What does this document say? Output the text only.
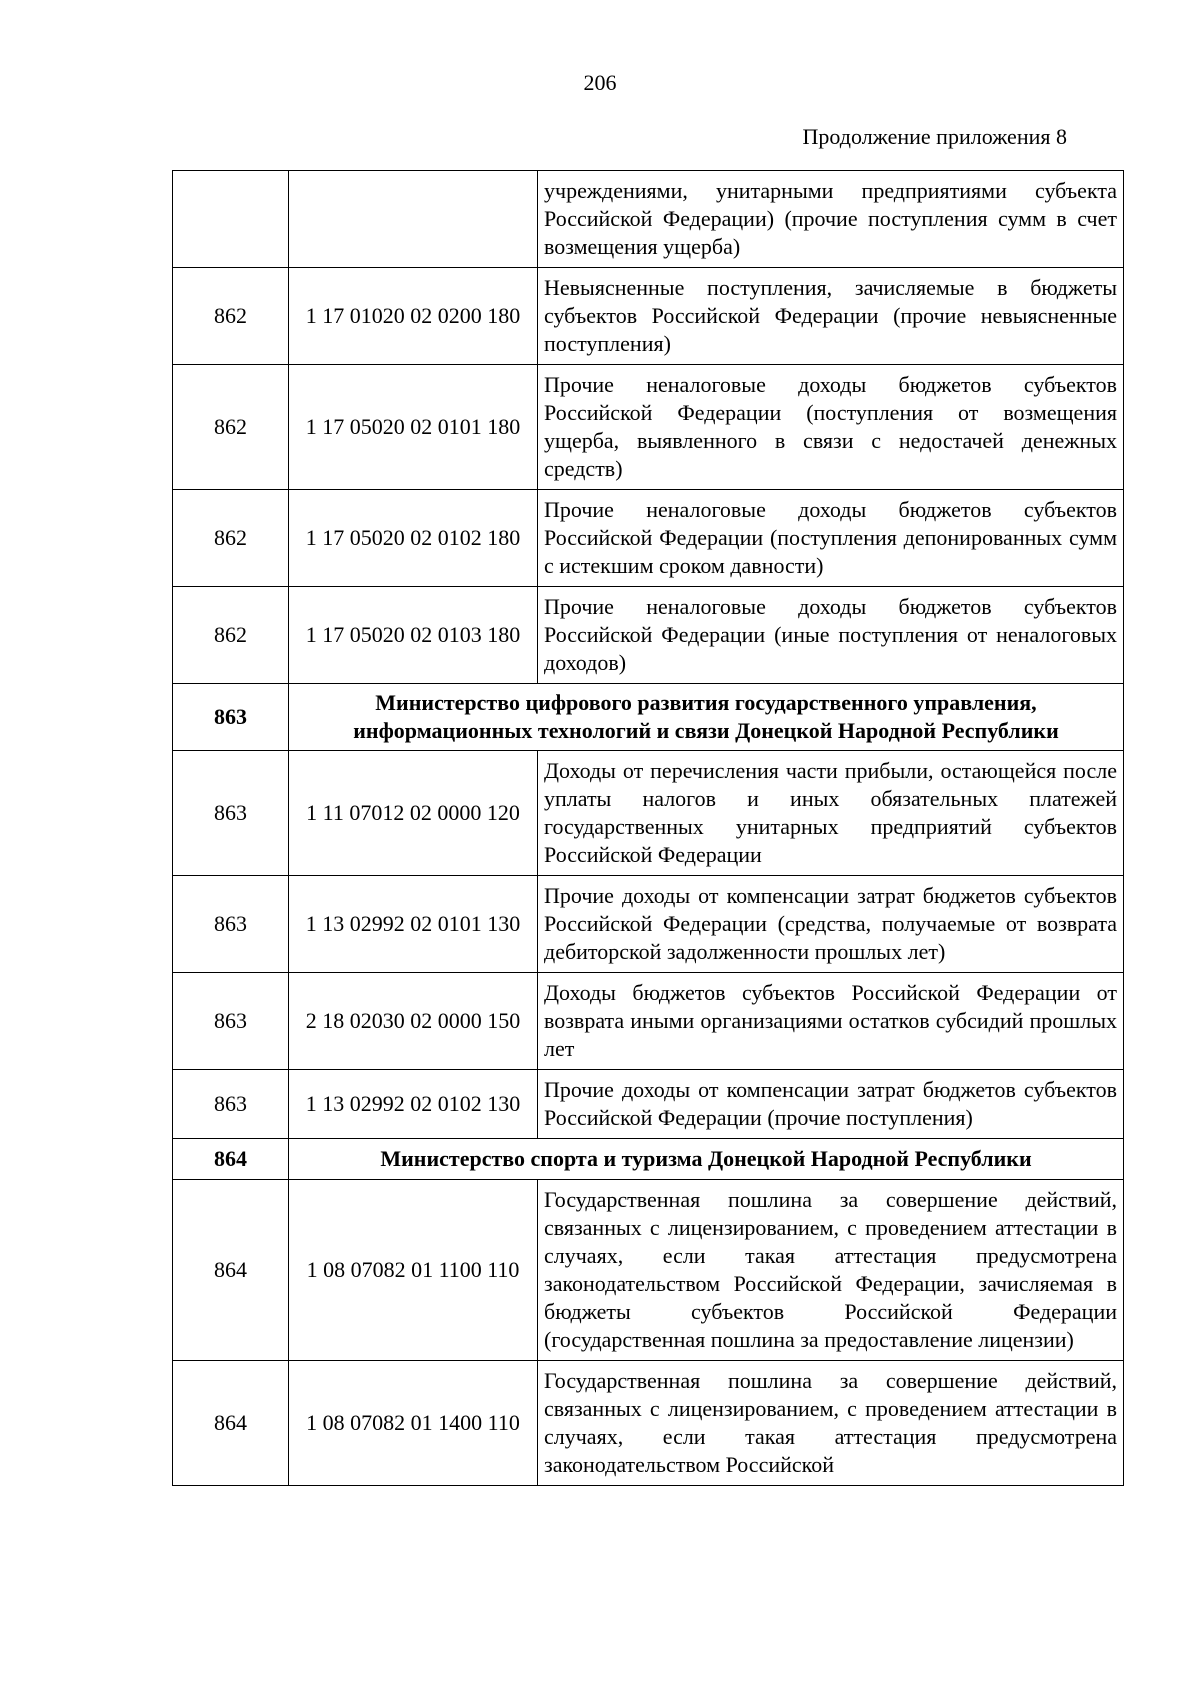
206
Продолжение приложения 8
		учреждениями, унитарными предприятиями субъекта Российской Федерации) (прочие поступления сумм в счет возмещения ущерба)
862	1 17 01020 02 0200 180	Невыясненные поступления, зачисляемые в бюджеты субъектов Российской Федерации (прочие невыясненные поступления)
862	1 17 05020 02 0101 180	Прочие неналоговые доходы бюджетов субъектов Российской Федерации (поступления от возмещения ущерба, выявленного в связи с недостачей денежных средств)
862	1 17 05020 02 0102 180	Прочие неналоговые доходы бюджетов субъектов Российской Федерации (поступления депонированных сумм с истекшим сроком давности)
862	1 17 05020 02 0103 180	Прочие неналоговые доходы бюджетов субъектов Российской Федерации (иные поступления от неналоговых доходов)
863	Министерство цифрового развития государственного управления, информационных технологий и связи Донецкой Народной Республики	
863	1 11 07012 02 0000 120	Доходы от перечисления части прибыли, остающейся после уплаты налогов и иных обязательных платежей государственных унитарных предприятий субъектов Российской Федерации
863	1 13 02992 02 0101 130	Прочие доходы от компенсации затрат бюджетов субъектов Российской Федерации (средства, получаемые от возврата дебиторской задолженности прошлых лет)
863	2 18 02030 02 0000 150	Доходы бюджетов субъектов Российской Федерации от возврата иными организациями остатков субсидий прошлых лет
863	1 13 02992 02 0102 130	Прочие доходы от компенсации затрат бюджетов субъектов Российской Федерации (прочие поступления)
864	Министерство спорта и туризма Донецкой Народной Республики	
864	1 08 07082 01 1100 110	Государственная пошлина за совершение действий, связанных с лицензированием, с проведением аттестации в случаях, если такая аттестация предусмотрена законодательством Российской Федерации, зачисляемая в бюджеты субъектов Российской Федерации (государственная пошлина за предоставление лицензии)
864	1 08 07082 01 1400 110	Государственная пошлина за совершение действий, связанных с лицензированием, с проведением аттестации в случаях, если такая аттестация предусмотрена законодательством Российской
